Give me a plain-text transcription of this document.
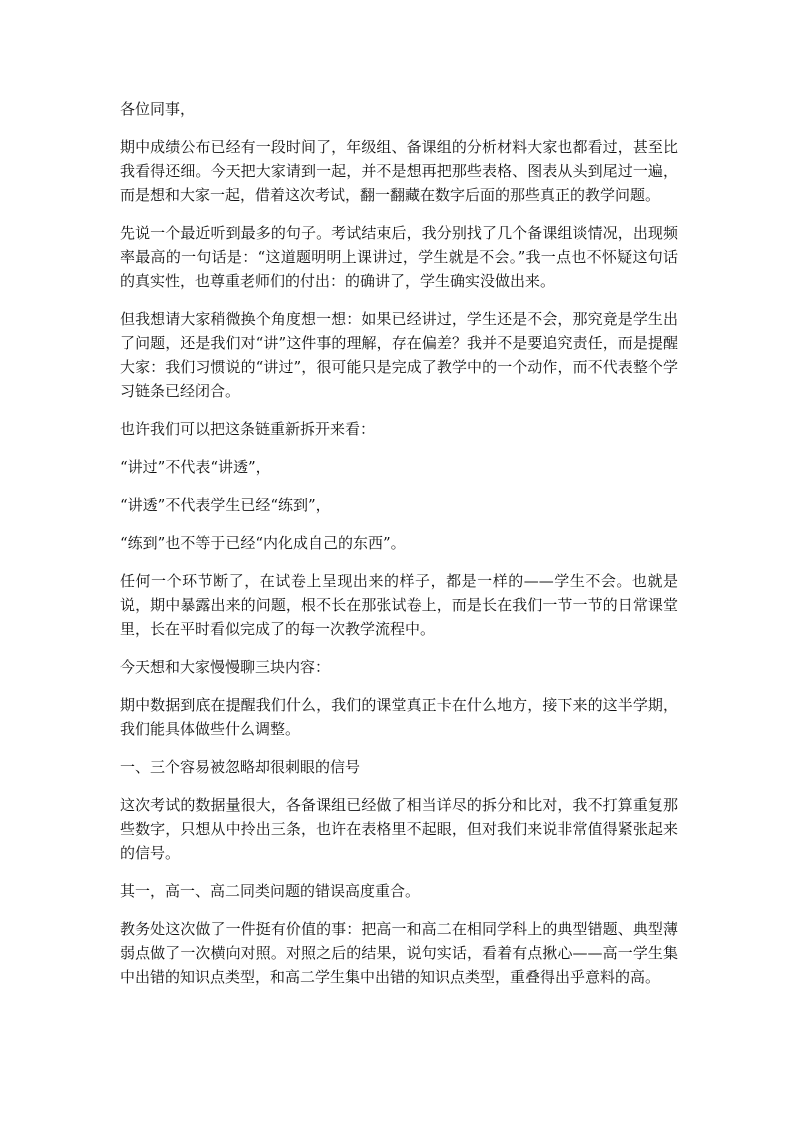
各位同事，

期中成绩公布已经有一段时间了，年级组、备课组的分析材料大家也都看过，甚至比我看得还细。今天把大家请到一起，并不是想再把那些表格、图表从头到尾过一遍，而是想和大家一起，借着这次考试，翻一翻藏在数字后面的那些真正的教学问题。

先说一个最近听到最多的句子。考试结束后，我分别找了几个备课组谈情况，出现频率最高的一句话是：“这道题明明上课讲过，学生就是不会。”我一点也不怀疑这句话的真实性，也尊重老师们的付出：的确讲了，学生确实没做出来。

但我想请大家稍微换个角度想一想：如果已经讲过，学生还是不会，那究竟是学生出了问题，还是我们对“讲”这件事的理解，存在偏差？我并不是要追究责任，而是提醒大家：我们习惯说的“讲过”，很可能只是完成了教学中的一个动作，而不代表整个学习链条已经闭合。

也许我们可以把这条链重新拆开来看：

“讲过”不代表“讲透”，

“讲透”不代表学生已经“练到”，

“练到”也不等于已经“内化成自己的东西”。

任何一个环节断了，在试卷上呈现出来的样子，都是一样的——学生不会。也就是说，期中暴露出来的问题，根不长在那张试卷上，而是长在我们一节一节的日常课堂里，长在平时看似完成了的每一次教学流程中。

今天想和大家慢慢聊三块内容：

期中数据到底在提醒我们什么，我们的课堂真正卡在什么地方，接下来的这半学期，我们能具体做些什么调整。

一、三个容易被忽略却很刺眼的信号

这次考试的数据量很大，各备课组已经做了相当详尽的拆分和比对，我不打算重复那些数字，只想从中拎出三条，也许在表格里不起眼，但对我们来说非常值得紧张起来的信号。

其一，高一、高二同类问题的错误高度重合。

教务处这次做了一件挺有价值的事：把高一和高二在相同学科上的典型错题、典型薄弱点做了一次横向对照。对照之后的结果，说句实话，看着有点揪心——高一学生集中出错的知识点类型，和高二学生集中出错的知识点类型，重叠得出乎意料的高。
